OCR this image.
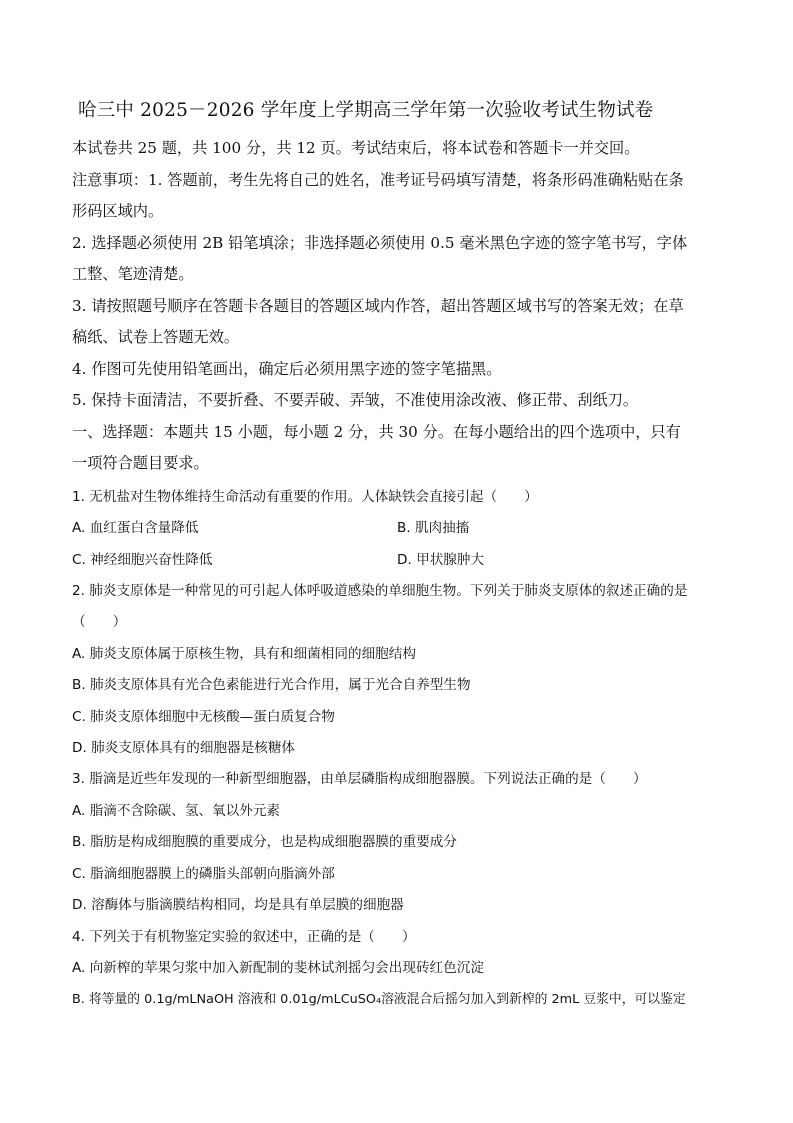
哈三中 2025－2026 学年度上学期高三学年第一次验收考试生物试卷
本试卷共 25 题，共 100 分，共 12 页。考试结束后，将本试卷和答题卡一并交回。
注意事项：1. 答题前，考生先将自己的姓名，准考证号码填写清楚，将条形码准确粘贴在条
形码区域内。
2. 选择题必须使用 2B 铅笔填涂；非选择题必须使用 0.5 毫米黑色字迹的签字笔书写，字体
工整、笔迹清楚。
3. 请按照题号顺序在答题卡各题目的答题区域内作答，超出答题区域书写的答案无效；在草
稿纸、试卷上答题无效。
4. 作图可先使用铅笔画出，确定后必须用黑字迹的签字笔描黑。
5. 保持卡面清洁，不要折叠、不要弄破、弄皱，不准使用涂改液、修正带、刮纸刀。
一、选择题：本题共 15 小题，每小题 2 分，共 30 分。在每小题给出的四个选项中，只有
一项符合题目要求。
1. 无机盐对生物体维持生命活动有重要的作用。人体缺铁会直接引起（　　）
A. 血红蛋白含量降低	B. 肌肉抽搐
C. 神经细胞兴奋性降低	D. 甲状腺肿大
2. 肺炎支原体是一种常见的可引起人体呼吸道感染的单细胞生物。下列关于肺炎支原体的叙述正确的是
（　　）
A. 肺炎支原体属于原核生物，具有和细菌相同的细胞结构
B. 肺炎支原体具有光合色素能进行光合作用，属于光合自养型生物
C. 肺炎支原体细胞中无核酸—蛋白质复合物
D. 肺炎支原体具有的细胞器是核糖体
3. 脂滴是近些年发现的一种新型细胞器，由单层磷脂构成细胞器膜。下列说法正确的是（　　）
A. 脂滴不含除碳、氢、氧以外元素
B. 脂肪是构成细胞膜的重要成分，也是构成细胞器膜的重要成分
C. 脂滴细胞器膜上的磷脂头部朝向脂滴外部
D. 溶酶体与脂滴膜结构相同，均是具有单层膜的细胞器
4. 下列关于有机物鉴定实验的叙述中，正确的是（　　）
A. 向新榨的苹果匀浆中加入新配制的斐林试剂摇匀会出现砖红色沉淀
B. 将等量的 0.1g/mLNaOH 溶液和 0.01g/mLCuSO₄溶液混合后摇匀加入到新榨的 2mL 豆浆中，可以鉴定
